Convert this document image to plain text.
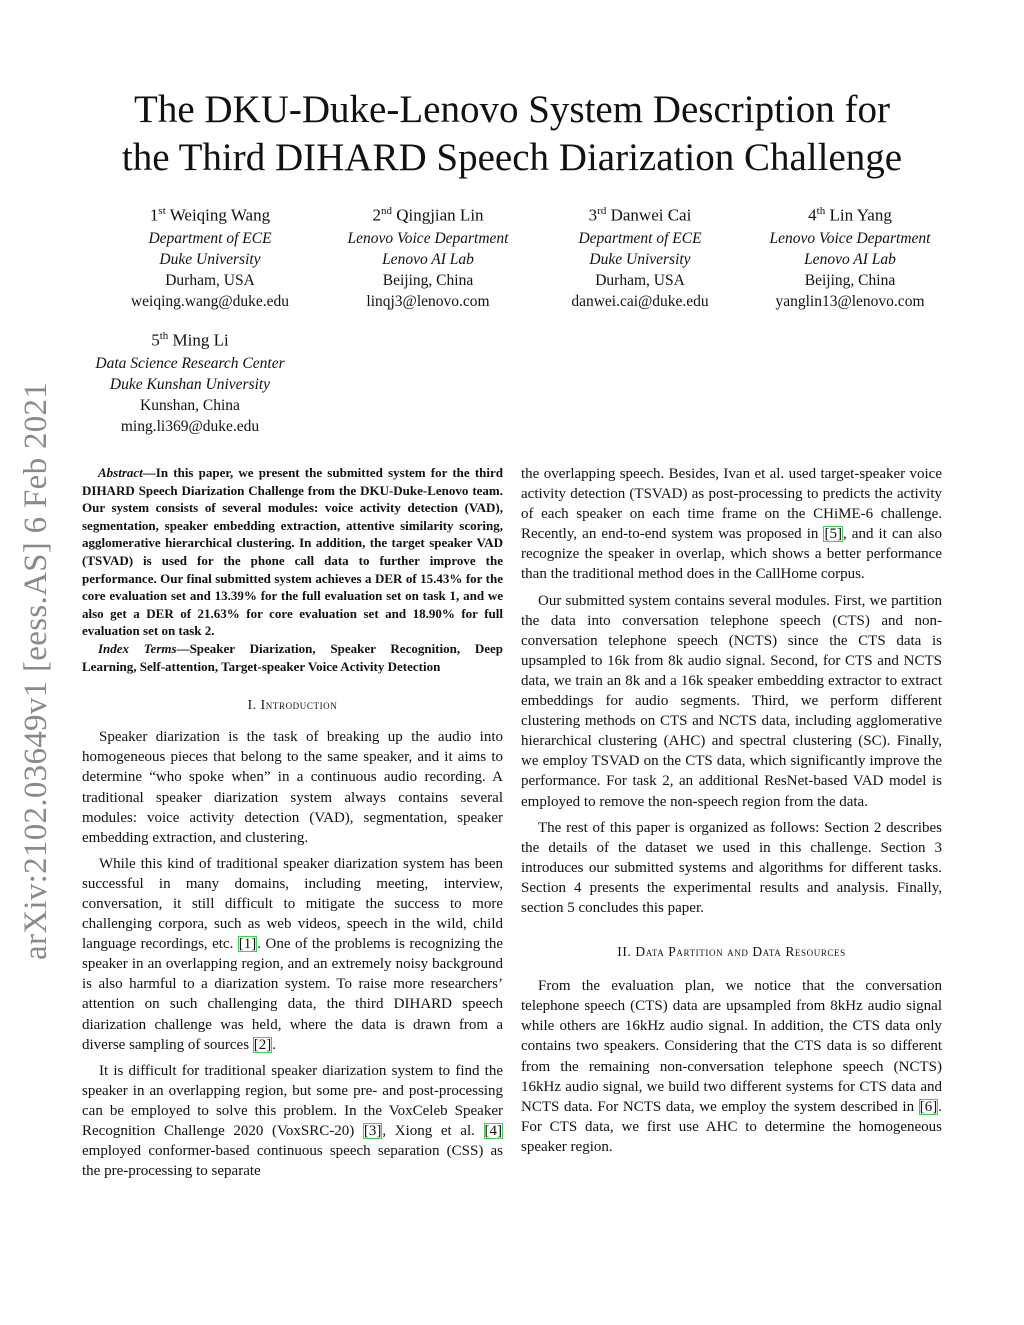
arXiv:2102.03649v1 [eess.AS] 6 Feb 2021
The DKU-Duke-Lenovo System Description for
the Third DIHARD Speech Diarization Challenge
1st Weiqing Wang
Department of ECE
Duke University
Durham, USA
weiqing.wang@duke.edu
2nd Qingjian Lin
Lenovo Voice Department
Lenovo AI Lab
Beijing, China
linqj3@lenovo.com
3rd Danwei Cai
Department of ECE
Duke University
Durham, USA
danwei.cai@duke.edu
4th Lin Yang
Lenovo Voice Department
Lenovo AI Lab
Beijing, China
yanglin13@lenovo.com
5th Ming Li
Data Science Research Center
Duke Kunshan University
Kunshan, China
ming.li369@duke.edu

Abstract—In this paper, we present the submitted system for the third DIHARD Speech Diarization Challenge from the DKU-Duke-Lenovo team. Our system consists of several modules: voice activity detection (VAD), segmentation, speaker embedding extraction, attentive similarity scoring, agglomerative hierarchical clustering. In addition, the target speaker VAD (TSVAD) is used for the phone call data to further improve the performance. Our final submitted system achieves a DER of 15.43% for the core evaluation set and 13.39% for the full evaluation set on task 1, and we also get a DER of 21.63% for core evaluation set and 18.90% for full evaluation set on task 2.

Index Terms—Speaker Diarization, Speaker Recognition, Deep Learning, Self-attention, Target-speaker Voice Activity Detection

I. Introduction

Speaker diarization is the task of breaking up the audio into homogeneous pieces that belong to the same speaker, and it aims to determine “who spoke when” in a continuous audio recording. A traditional speaker diarization system always contains several modules: voice activity detection (VAD), segmentation, speaker embedding extraction, and clustering.

While this kind of traditional speaker diarization system has been successful in many domains, including meeting, interview, conversation, it still difficult to mitigate the success to more challenging corpora, such as web videos, speech in the wild, child language recordings, etc. [1]. One of the problems is recognizing the speaker in an overlapping region, and an extremely noisy background is also harmful to a diarization system. To raise more researchers’ attention on such challenging data, the third DIHARD speech diarization challenge was held, where the data is drawn from a diverse sampling of sources [2].

It is difficult for traditional speaker diarization system to find the speaker in an overlapping region, but some pre- and post-processing can be employed to solve this problem. In the VoxCeleb Speaker Recognition Challenge 2020 (VoxSRC-20) [3], Xiong et al. [4] employed conformer-based continuous speech separation (CSS) as the pre-processing to separate

the overlapping speech. Besides, Ivan et al. used target-speaker voice activity detection (TSVAD) as post-processing to predicts the activity of each speaker on each time frame on the CHiME-6 challenge. Recently, an end-to-end system was proposed in [5], and it can also recognize the speaker in overlap, which shows a better performance than the traditional method does in the CallHome corpus.

Our submitted system contains several modules. First, we partition the data into conversation telephone speech (CTS) and non-conversation telephone speech (NCTS) since the CTS data is upsampled to 16k from 8k audio signal. Second, for CTS and NCTS data, we train an 8k and a 16k speaker embedding extractor to extract embeddings for audio segments. Third, we perform different clustering methods on CTS and NCTS data, including agglomerative hierarchical clustering (AHC) and spectral clustering (SC). Finally, we employ TSVAD on the CTS data, which significantly improve the performance. For task 2, an additional ResNet-based VAD model is employed to remove the non-speech region from the data.

The rest of this paper is organized as follows: Section 2 describes the details of the dataset we used in this challenge. Section 3 introduces our submitted systems and algorithms for different tasks. Section 4 presents the experimental results and analysis. Finally, section 5 concludes this paper.

II. Data Partition and Data Resources

From the evaluation plan, we notice that the conversation telephone speech (CTS) data are upsampled from 8kHz audio signal while others are 16kHz audio signal. In addition, the CTS data only contains two speakers. Considering that the CTS data is so different from the remaining non-conversation telephone speech (NCTS) 16kHz audio signal, we build two different systems for CTS data and NCTS data. For NCTS data, we employ the system described in [6]. For CTS data, we first use AHC to determine the homogeneous speaker region.
